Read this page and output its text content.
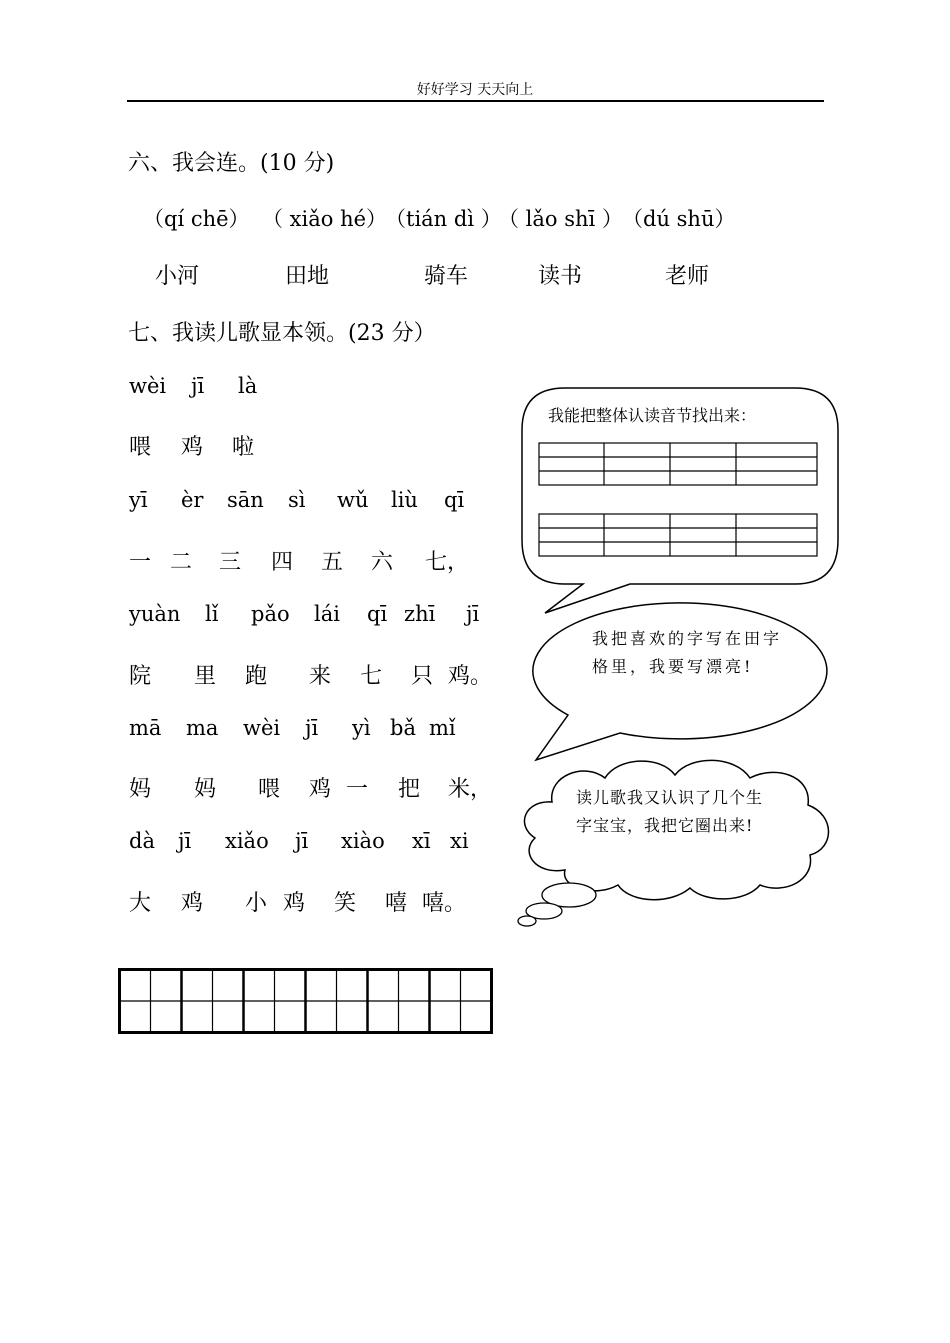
好好学习 天天向上
六、我会连。(10 分)
（qí chē） （ xiǎo hé）
（tián dì ）
（ lǎo shī ） （dú shū）
小河	田地	骑车	读书	老师
七、我读儿歌显本领。(23 分）
wèi jī là
喂 鸡 啦
yī èr sān sì wǔ liù qī
一 二 三 四 五 六 七，
yuàn lǐ pǎo lái qī zhī jī
院 里 跑 来 七 只 鸡。
mā ma wèi jī yì bǎ mǐ
妈 妈 喂 鸡 一 把 米，
dà jī xiǎo jī xiào xī xi
大 鸡 小 鸡 笑 嘻 嘻。
我能把整体认读音节找出来：
我把喜欢的字写在田字格里，我要写漂亮!
读儿歌我又认识了几个生字宝宝，我把它圈出来!
